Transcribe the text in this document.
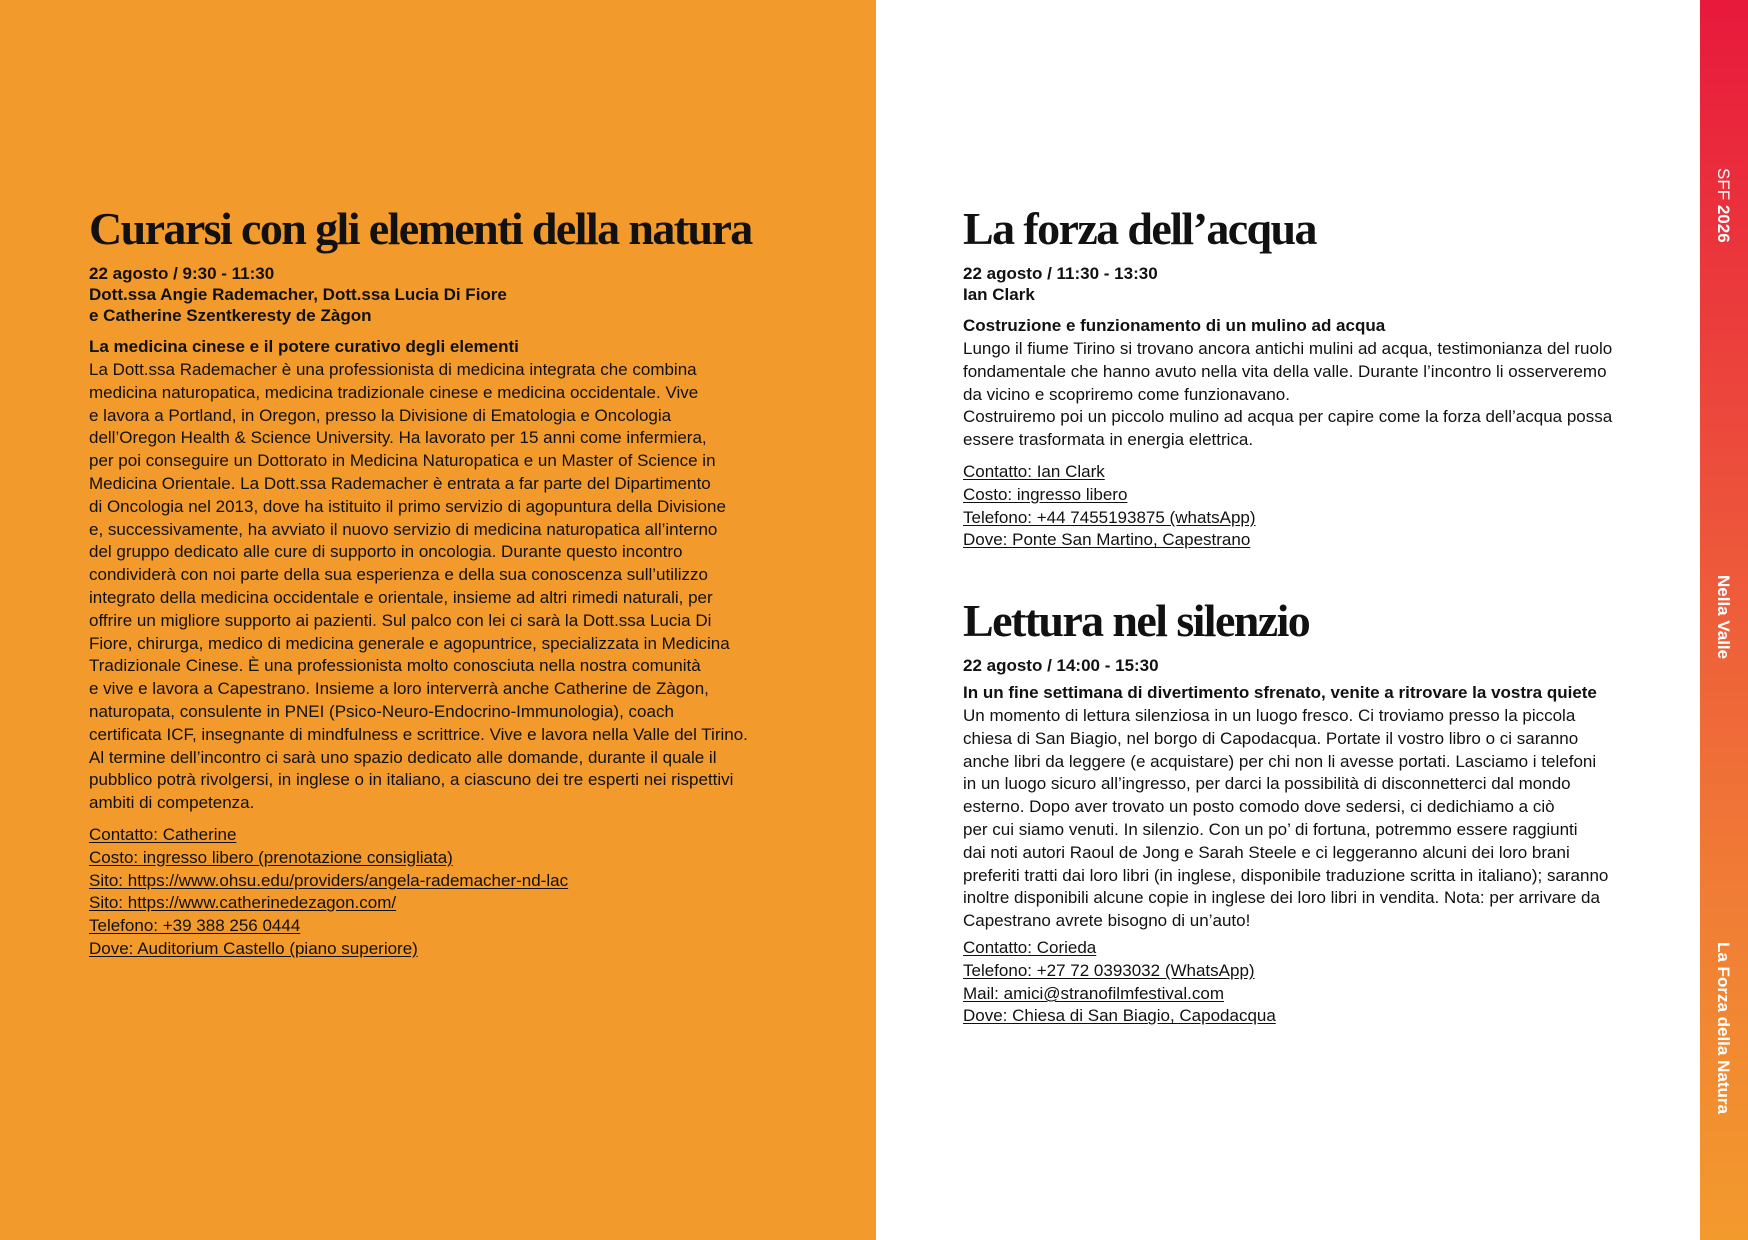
Curarsi con gli elementi della natura

22 agosto / 9:30 - 11:30

Dott.ssa Angie Rademacher, Dott.ssa Lucia Di Fiore

e Catherine Szentkeresty de Zàgon

La medicina cinese e il potere curativo degli elementi

La Dott.ssa Rademacher è una professionista di medicina integrata che combina

medicina naturopatica, medicina tradizionale cinese e medicina occidentale. Vive

e lavora a Portland, in Oregon, presso la Divisione di Ematologia e Oncologia

dell’Oregon Health & Science University. Ha lavorato per 15 anni come infermiera,

per poi conseguire un Dottorato in Medicina Naturopatica e un Master of Science in

Medicina Orientale. La Dott.ssa Rademacher è entrata a far parte del Dipartimento

di Oncologia nel 2013, dove ha istituito il primo servizio di agopuntura della Divisione

e, successivamente, ha avviato il nuovo servizio di medicina naturopatica all’interno

del gruppo dedicato alle cure di supporto in oncologia. Durante questo incontro

condividerà con noi parte della sua esperienza e della sua conoscenza sull’utilizzo

integrato della medicina occidentale e orientale, insieme ad altri rimedi naturali, per

offrire un migliore supporto ai pazienti. Sul palco con lei ci sarà la Dott.ssa Lucia Di

Fiore, chirurga, medico di medicina generale e agopuntrice, specializzata in Medicina

Tradizionale Cinese. È una professionista molto conosciuta nella nostra comunità

e vive e lavora a Capestrano. Insieme a loro interverrà anche Catherine de Zàgon,

naturopata, consulente in PNEI (Psico-Neuro-Endocrino-Immunologia), coach

certificata ICF, insegnante di mindfulness e scrittrice. Vive e lavora nella Valle del Tirino.

Al termine dell’incontro ci sarà uno spazio dedicato alle domande, durante il quale il

pubblico potrà rivolgersi, in inglese o in italiano, a ciascuno dei tre esperti nei rispettivi

ambiti di competenza.

Contatto: Catherine
Costo: ingresso libero (prenotazione consigliata)
Sito: https://www.ohsu.edu/providers/angela-rademacher-nd-lac
Sito: https://www.catherinedezagon.com/
Telefono: +39 388 256 0444
Dove: Auditorium Castello (piano superiore)
La forza dell’acqua

22 agosto / 11:30 - 13:30

Ian Clark

Costruzione e funzionamento di un mulino ad acqua

Lungo il fiume Tirino si trovano ancora antichi mulini ad acqua, testimonianza del ruolo

fondamentale che hanno avuto nella vita della valle. Durante l’incontro li osserveremo

da vicino e scopriremo come funzionavano.

Costruiremo poi un piccolo mulino ad acqua per capire come la forza dell’acqua possa

essere trasformata in energia elettrica.

Contatto: Ian Clark
Costo: ingresso libero
Telefono: +44 7455193875 (whatsApp)
Dove: Ponte San Martino, Capestrano
Lettura nel silenzio

22 agosto / 14:00 - 15:30

In un fine settimana di divertimento sfrenato, venite a ritrovare la vostra quiete

Un momento di lettura silenziosa in un luogo fresco. Ci troviamo presso la piccola

chiesa di San Biagio, nel borgo di Capodacqua. Portate il vostro libro o ci saranno

anche libri da leggere (e acquistare) per chi non li avesse portati. Lasciamo i telefoni

in un luogo sicuro all’ingresso, per darci la possibilità di disconnetterci dal mondo

esterno. Dopo aver trovato un posto comodo dove sedersi, ci dedichiamo a ciò

per cui siamo venuti. In silenzio. Con un po’ di fortuna, potremmo essere raggiunti

dai noti autori Raoul de Jong e Sarah Steele e ci leggeranno alcuni dei loro brani

preferiti tratti dai loro libri (in inglese, disponibile traduzione scritta in italiano); saranno

inoltre disponibili alcune copie in inglese dei loro libri in vendita. Nota: per arrivare da

Capestrano avrete bisogno di un’auto!

Contatto: Corieda
Telefono: +27 72 0393032 (WhatsApp)
Mail: amici@stranofilmfestival.com
Dove: Chiesa di San Biagio, Capodacqua
SFF 2026
Nella Valle
La Forza della Natura
